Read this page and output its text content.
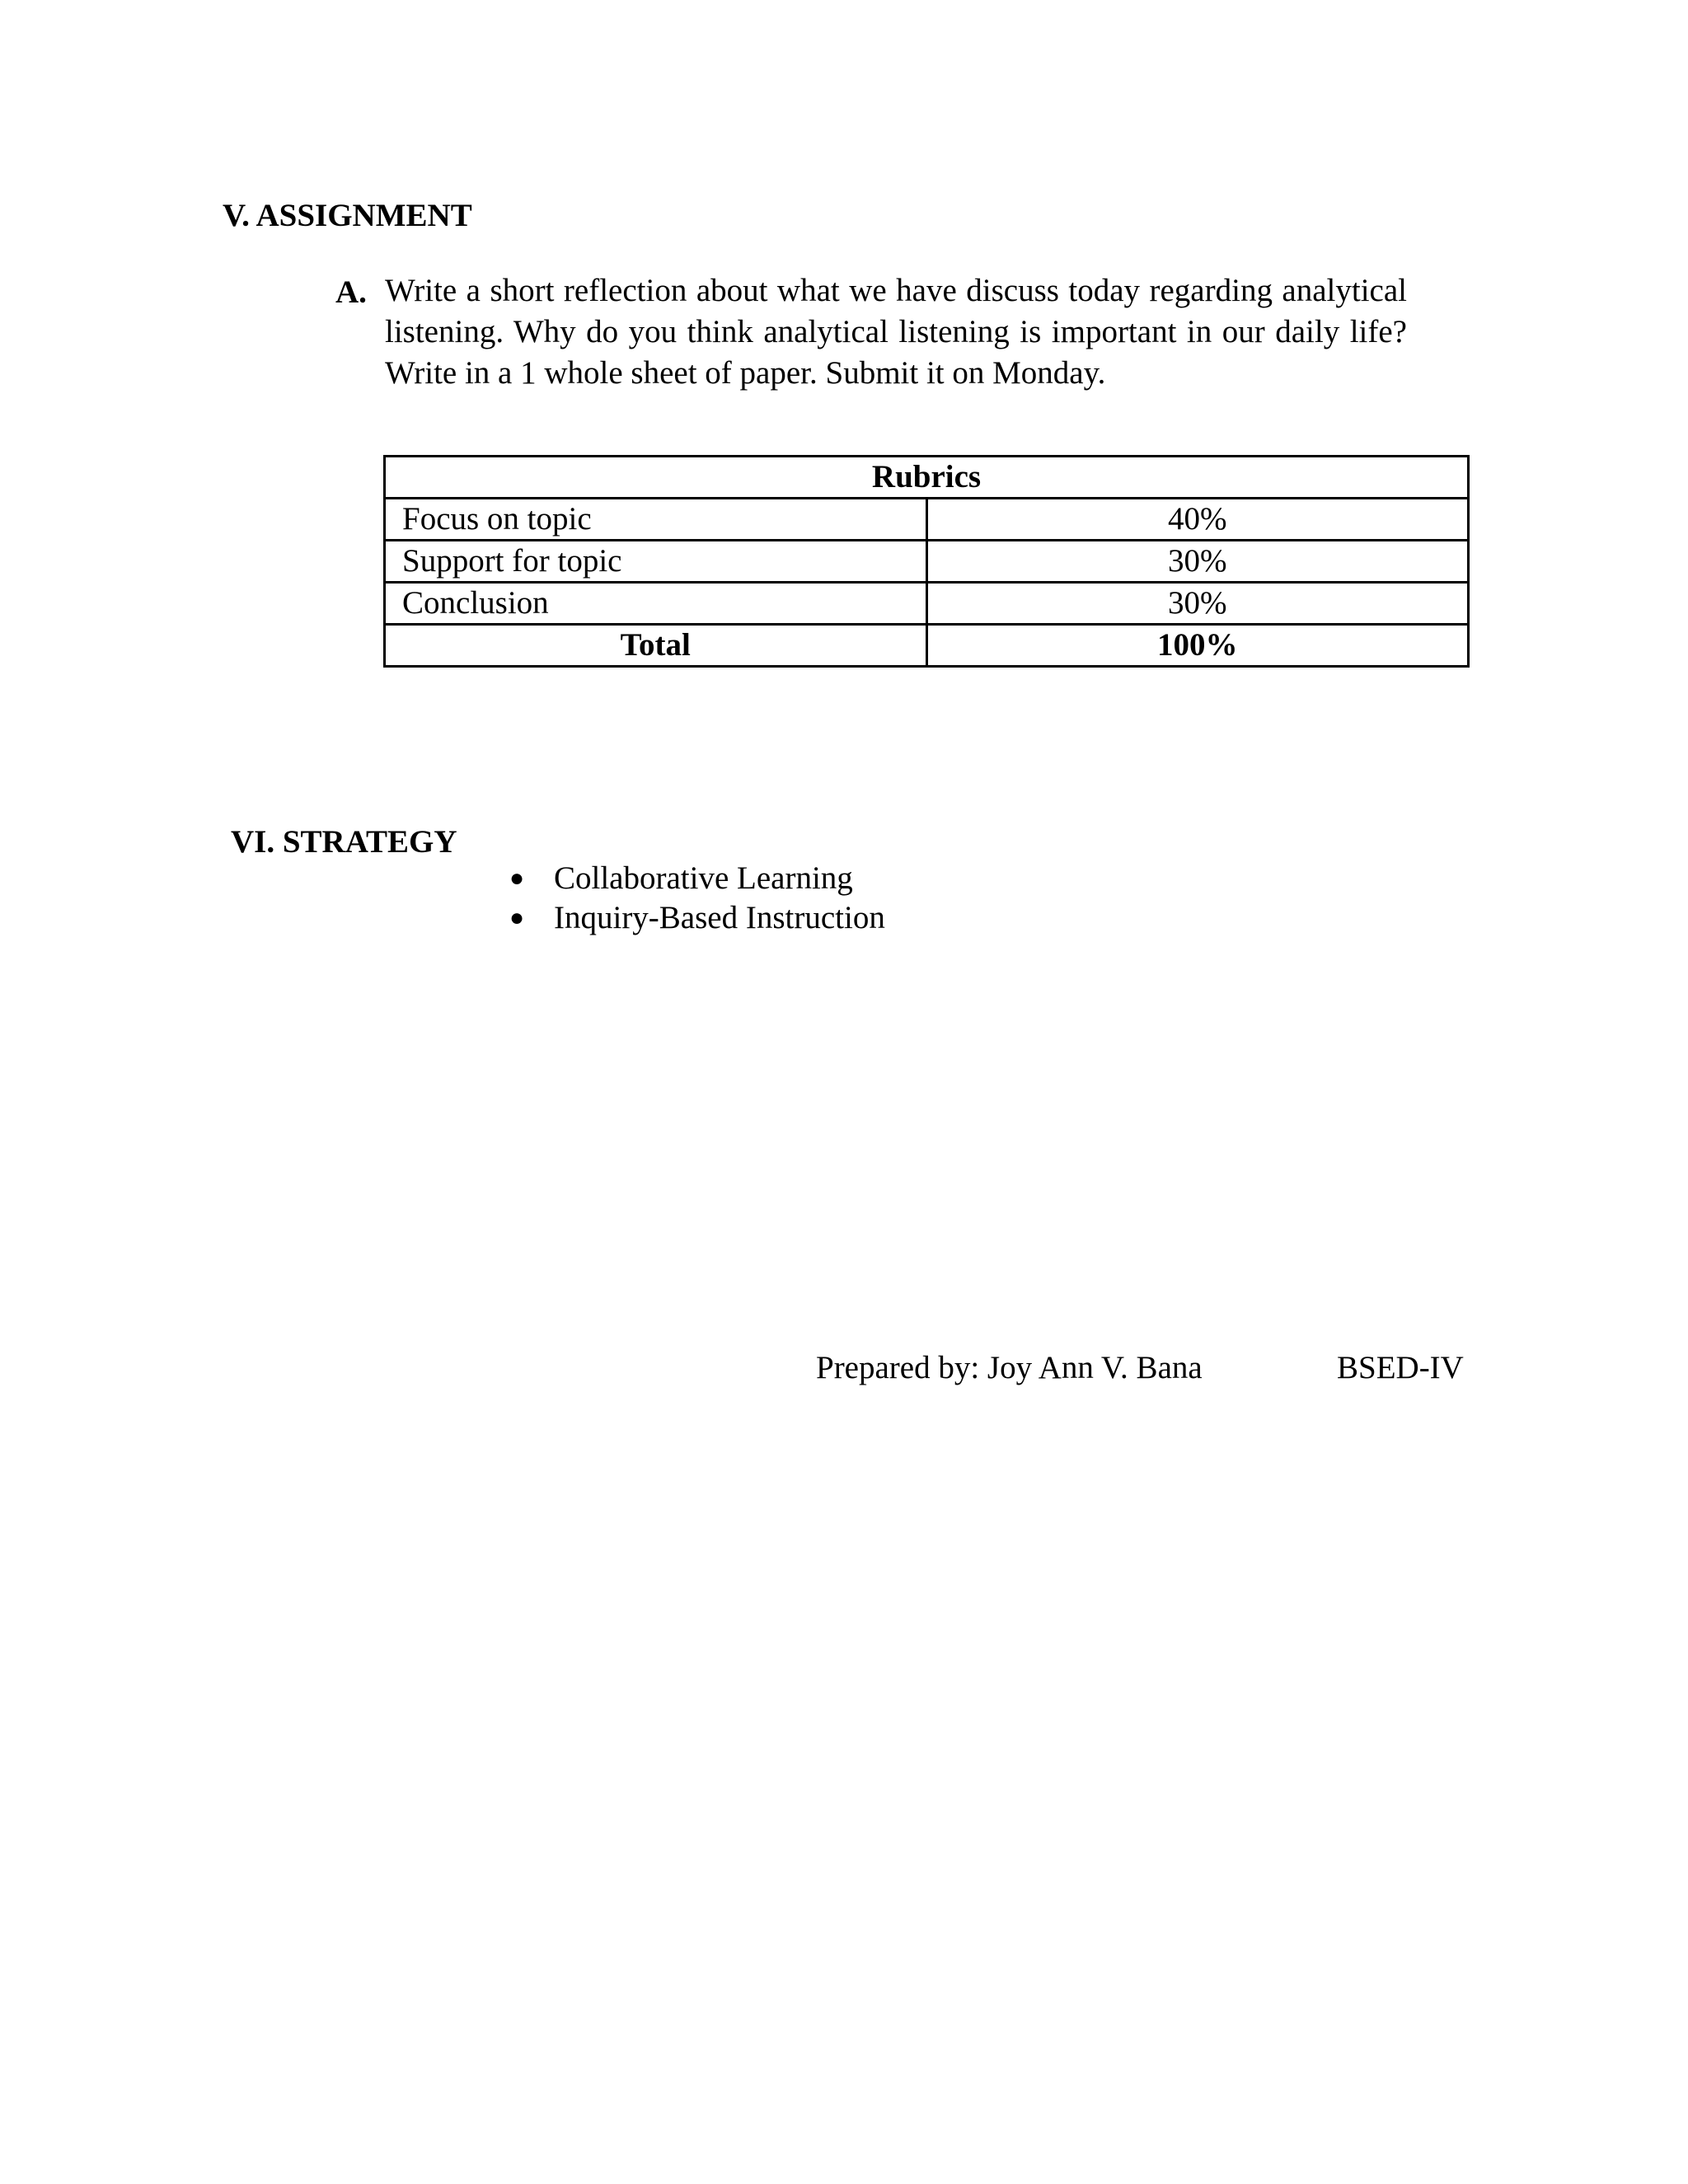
V. ASSIGNMENT
A. Write a short reflection about what we have discuss today regarding analytical listening. Why do you think analytical listening is important in our daily life? Write in a 1 whole sheet of paper. Submit it on Monday.
Rubrics	
Focus on topic	40%
Support for topic	30%
Conclusion	30%
Total	100%
VI. STRATEGY
● Collaborative Learning
● Inquiry-Based Instruction
Prepared by: Joy Ann V. Bana	BSED-IV
